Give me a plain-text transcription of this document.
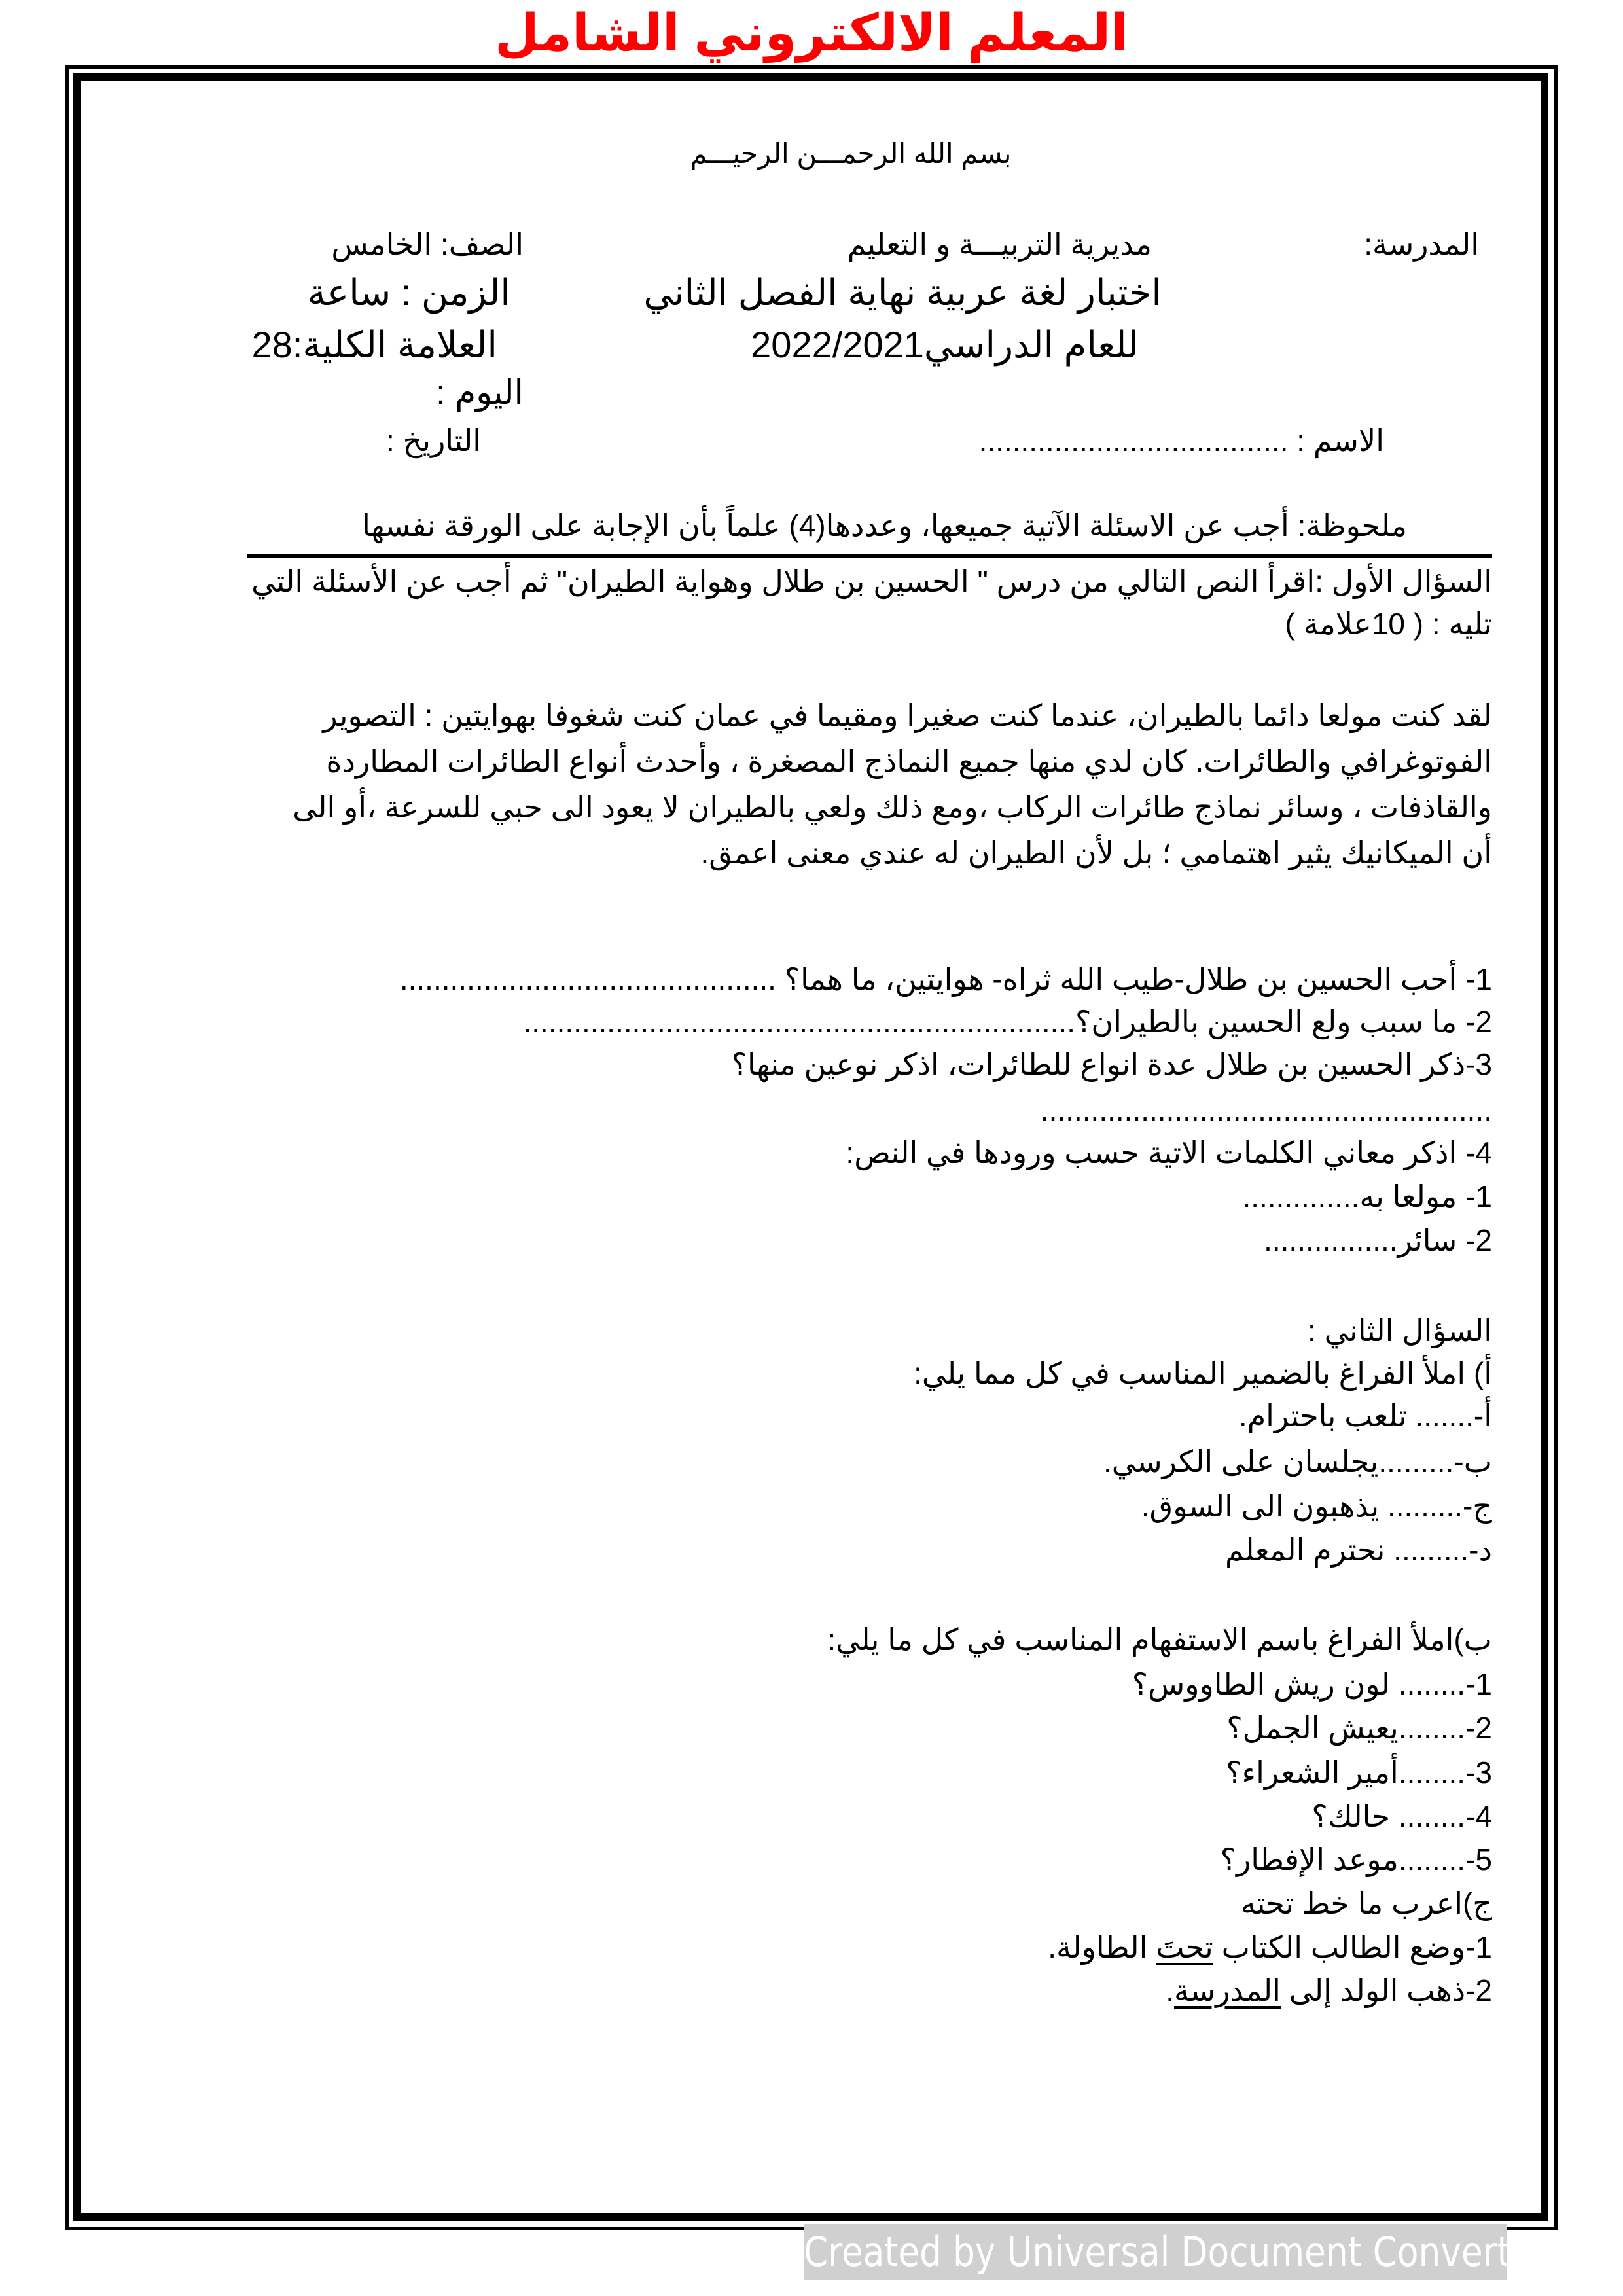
المعلم الالكتروني الشامل
بسم الله الرحمـــن الرحيـــم
المدرسة:
مديرية التربيـــة و التعليم
الصف: الخامس
اختبار لغة عربية نهاية الفصل الثاني
الزمن : ساعة
للعام الدراسي2022/2021
العلامة الكلية:28
اليوم :
التاريخ :	الاسم : .....................................
ملحوظة: أجب عن الاسئلة الآتية جميعها، وعددها(4) علماً بأن الإجابة على الورقة نفسها
السؤال الأول :اقرأ النص التالي من درس " الحسين بن طلال وهواية الطيران" ثم أجب عن الأسئلة التي
تليه : ( 10علامة )
لقد كنت مولعا دائما بالطيران، عندما كنت صغيرا ومقيما في عمان كنت شغوفا بهوايتين : التصوير
الفوتوغرافي والطائرات. كان لدي منها جميع النماذج المصغرة ، وأحدث أنواع الطائرات المطاردة
والقاذفات ، وسائر نماذج طائرات الركاب ،ومع ذلك ولعي بالطيران لا يعود الى حبي للسرعة ،أو الى
أن الميكانيك يثير اهتمامي ؛ بل لأن الطيران له عندي معنى اعمق.
1- أحب الحسين بن طلال-طيب الله ثراه- هوايتين، ما هما؟ .............................................
2- ما سبب ولع الحسين بالطيران؟..................................................................
3-ذكر الحسين بن طلال عدة انواع للطائرات، اذكر نوعين منها؟
......................................................
4- اذكر معاني الكلمات الاتية حسب ورودها في النص:
1- مولعا به..............
2- سائر................
السؤال الثاني :
أ) املأ الفراغ بالضمير المناسب في كل مما يلي:
أ-....... تلعب باحترام.
ب-.........يجلسان على الكرسي.
ج-......... يذهبون الى السوق.
د-......... نحترم المعلم
ب)املأ الفراغ باسم الاستفهام المناسب في كل ما يلي:
1-........ لون ريش الطاووس؟
2-........يعيش الجمل؟
3-........أمير الشعراء؟
4-........ حالك؟
5-........موعد الإفطار؟
ج)اعرب ما خط تحته
1-وضع الطالب الكتاب تحتَ الطاولة.
2-ذهب الولد إلى المدرسة.
Created by Universal Document Converter
